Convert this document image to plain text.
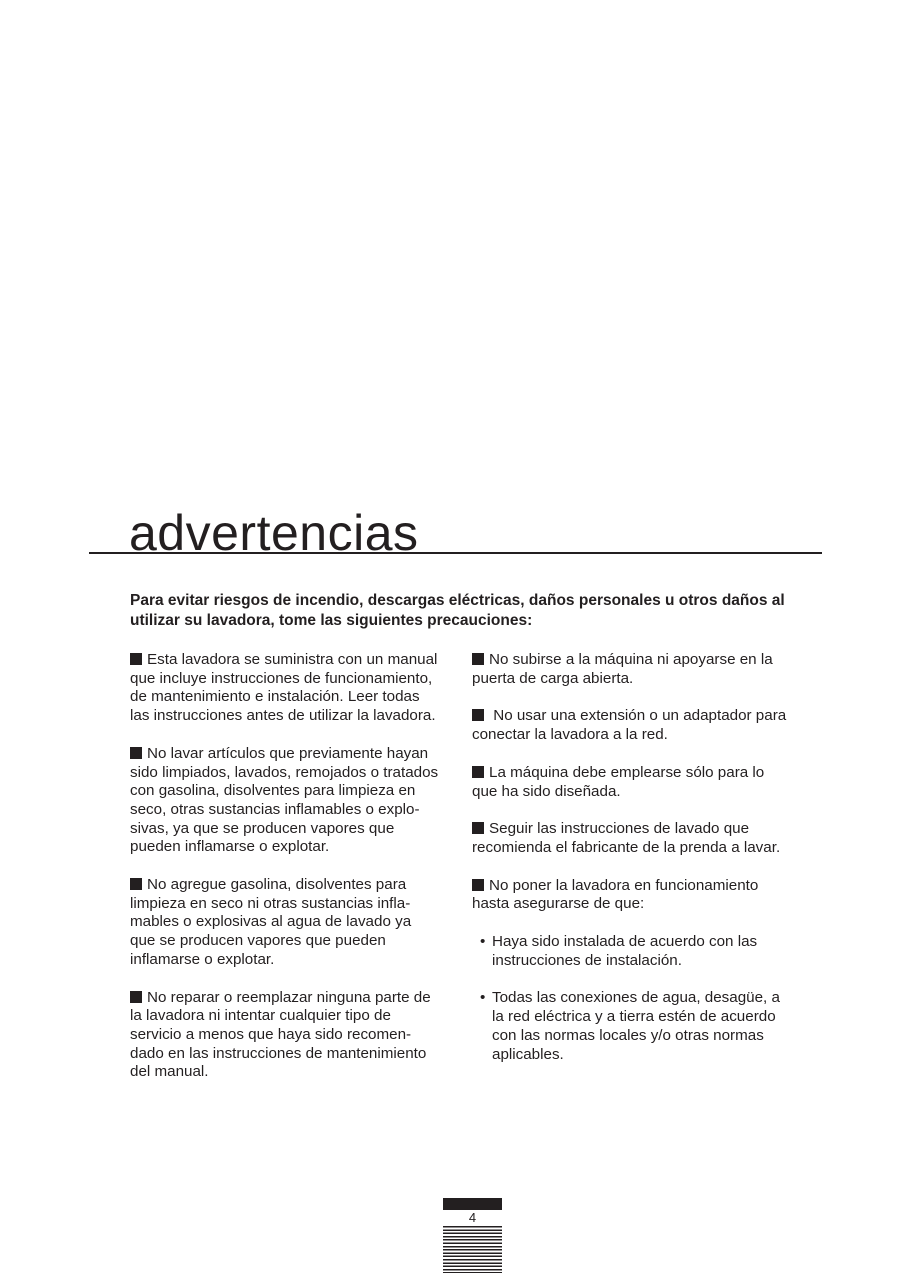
advertencias
Para evitar riesgos de incendio, descargas eléctricas, daños personales u otros daños al utilizar su lavadora, tome las siguientes precauciones:
Esta lavadora se suministra con un manual que incluye instrucciones de funcionamiento, de mantenimiento e instalación. Leer todas las instrucciones antes de utilizar la lavadora.
No lavar artículos que previamente hayan sido limpiados, lavados, remojados o tratados con gasolina, disolventes para limpieza en seco, otras sustancias inflamables o explo-sivas, ya que se producen vapores que pueden inflamarse o explotar.
No agregue gasolina, disolventes para limpieza en seco ni otras sustancias infla-mables o explosivas al agua de lavado ya que se producen vapores que pueden inflamarse o explotar.
No reparar o reemplazar ninguna parte de la lavadora ni intentar cualquier tipo de servicio a menos que haya sido recomen-dado en las instrucciones de mantenimiento del manual.
No subirse a la máquina ni apoyarse en la puerta de carga abierta.
No usar una extensión o un adaptador para conectar la lavadora a la red.
La máquina debe emplearse sólo para lo que ha sido diseñada.
Seguir las instrucciones de lavado que recomienda el fabricante de la prenda a lavar.
No poner la lavadora en funcionamiento hasta asegurarse de que:
• Haya sido instalada de acuerdo con las instrucciones de instalación.
• Todas las conexiones de agua, desagüe, a la red eléctrica y a tierra estén de acuerdo con las normas locales y/o otras normas aplicables.
4
